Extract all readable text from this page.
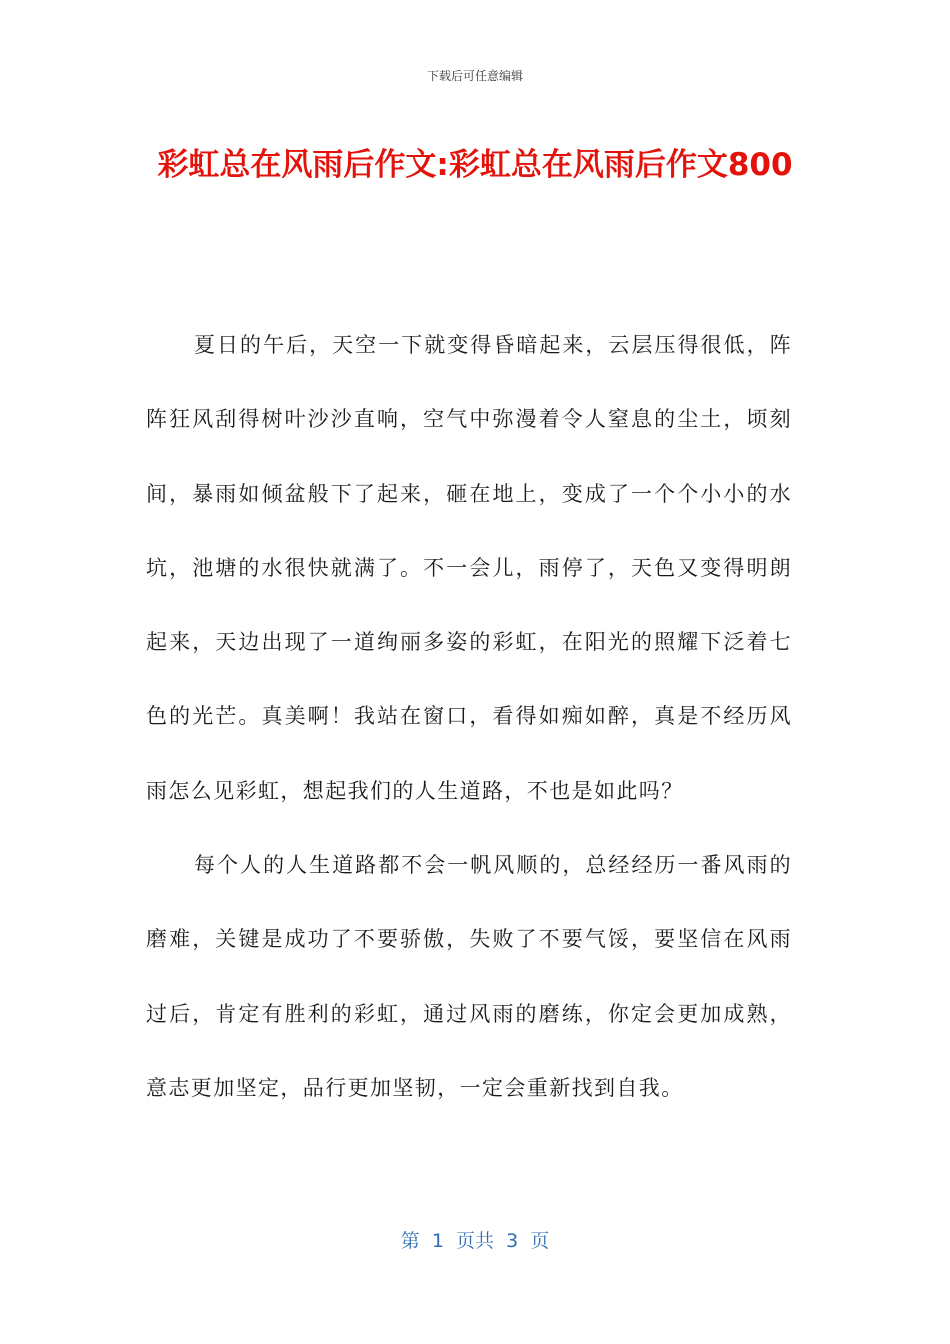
下载后可任意编辑
彩虹总在风雨后作文:彩虹总在风雨后作文800

夏日的午后，天空一下就变得昏暗起来，云层压得很低，阵阵狂风刮得树叶沙沙直响，空气中弥漫着令人窒息的尘土，顷刻间，暴雨如倾盆般下了起来，砸在地上，变成了一个个小小的水坑，池塘的水很快就满了。不一会儿，雨停了，天色又变得明朗起来，天边出现了一道绚丽多姿的彩虹，在阳光的照耀下泛着七色的光芒。真美啊！我站在窗口，看得如痴如醉，真是不经历风雨怎么见彩虹，想起我们的人生道路，不也是如此吗？

每个人的人生道路都不会一帆风顺的，总经经历一番风雨的磨难，关键是成功了不要骄傲，失败了不要气馁，要坚信在风雨过后，肯定有胜利的彩虹，通过风雨的磨练，你定会更加成熟，意志更加坚定，品行更加坚韧，一定会重新找到自我。

第  1  页共  3  页
